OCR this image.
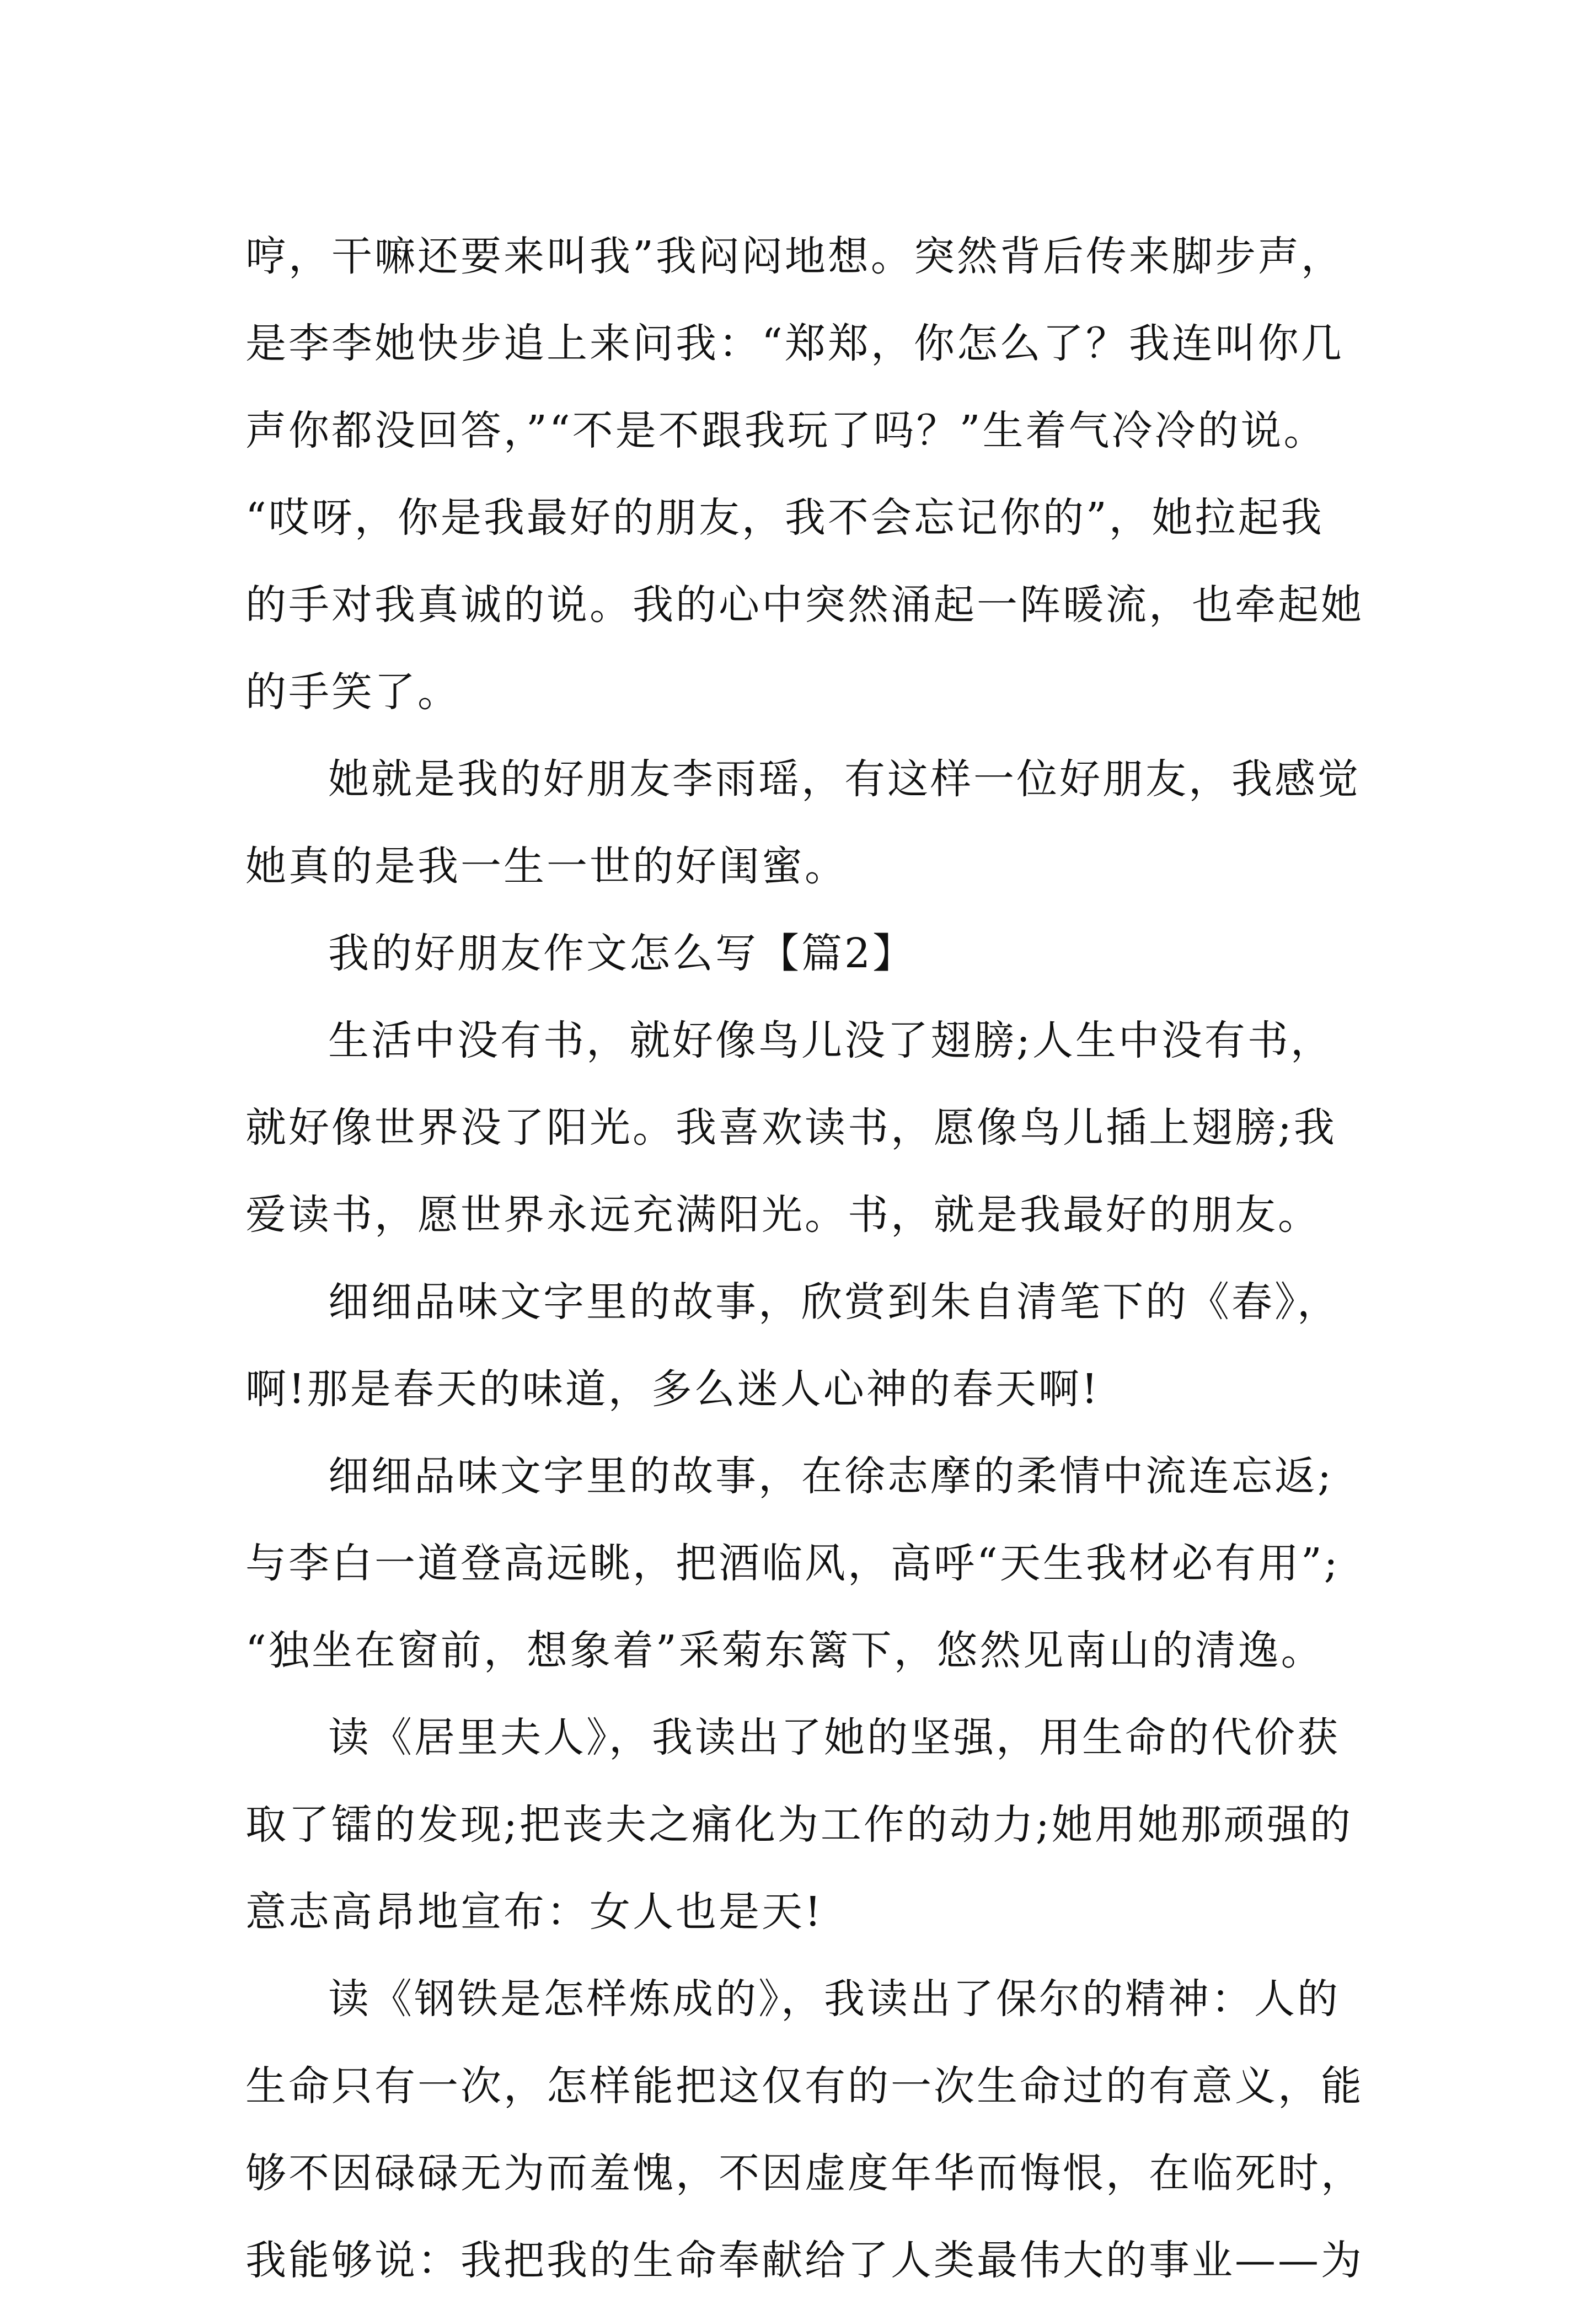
哼，干嘛还要来叫我”我闷闷地想。突然背后传来脚步声，
是李李她快步追上来问我：“郑郑，你怎么了？我连叫你几
声你都没回答，”“不是不跟我玩了吗？”生着气冷冷的说。
“哎呀，你是我最好的朋友，我不会忘记你的”，她拉起我
的手对我真诚的说。我的心中突然涌起一阵暖流，也牵起她
的手笑了。
她就是我的好朋友李雨瑶，有这样一位好朋友，我感觉
她真的是我一生一世的好闺蜜。
我的好朋友作文怎么写【篇2】
生活中没有书，就好像鸟儿没了翅膀;人生中没有书，
就好像世界没了阳光。我喜欢读书，愿像鸟儿插上翅膀;我
爱读书，愿世界永远充满阳光。书，就是我最好的朋友。
细细品味文字里的故事，欣赏到朱自清笔下的《春》，
啊!那是春天的味道，多么迷人心神的春天啊!
细细品味文字里的故事，在徐志摩的柔情中流连忘返;
与李白一道登高远眺，把酒临风，高呼“天生我材必有用”;
“独坐在窗前，想象着”采菊东篱下，悠然见南山的清逸。
读《居里夫人》，我读出了她的坚强，用生命的代价获
取了镭的发现;把丧夫之痛化为工作的动力;她用她那顽强的
意志高昂地宣布：女人也是天!
读《钢铁是怎样炼成的》，我读出了保尔的精神：人的
生命只有一次，怎样能把这仅有的一次生命过的有意义，能
够不因碌碌无为而羞愧，不因虚度年华而悔恨，在临死时，
我能够说：我把我的生命奉献给了人类最伟大的事业——为
